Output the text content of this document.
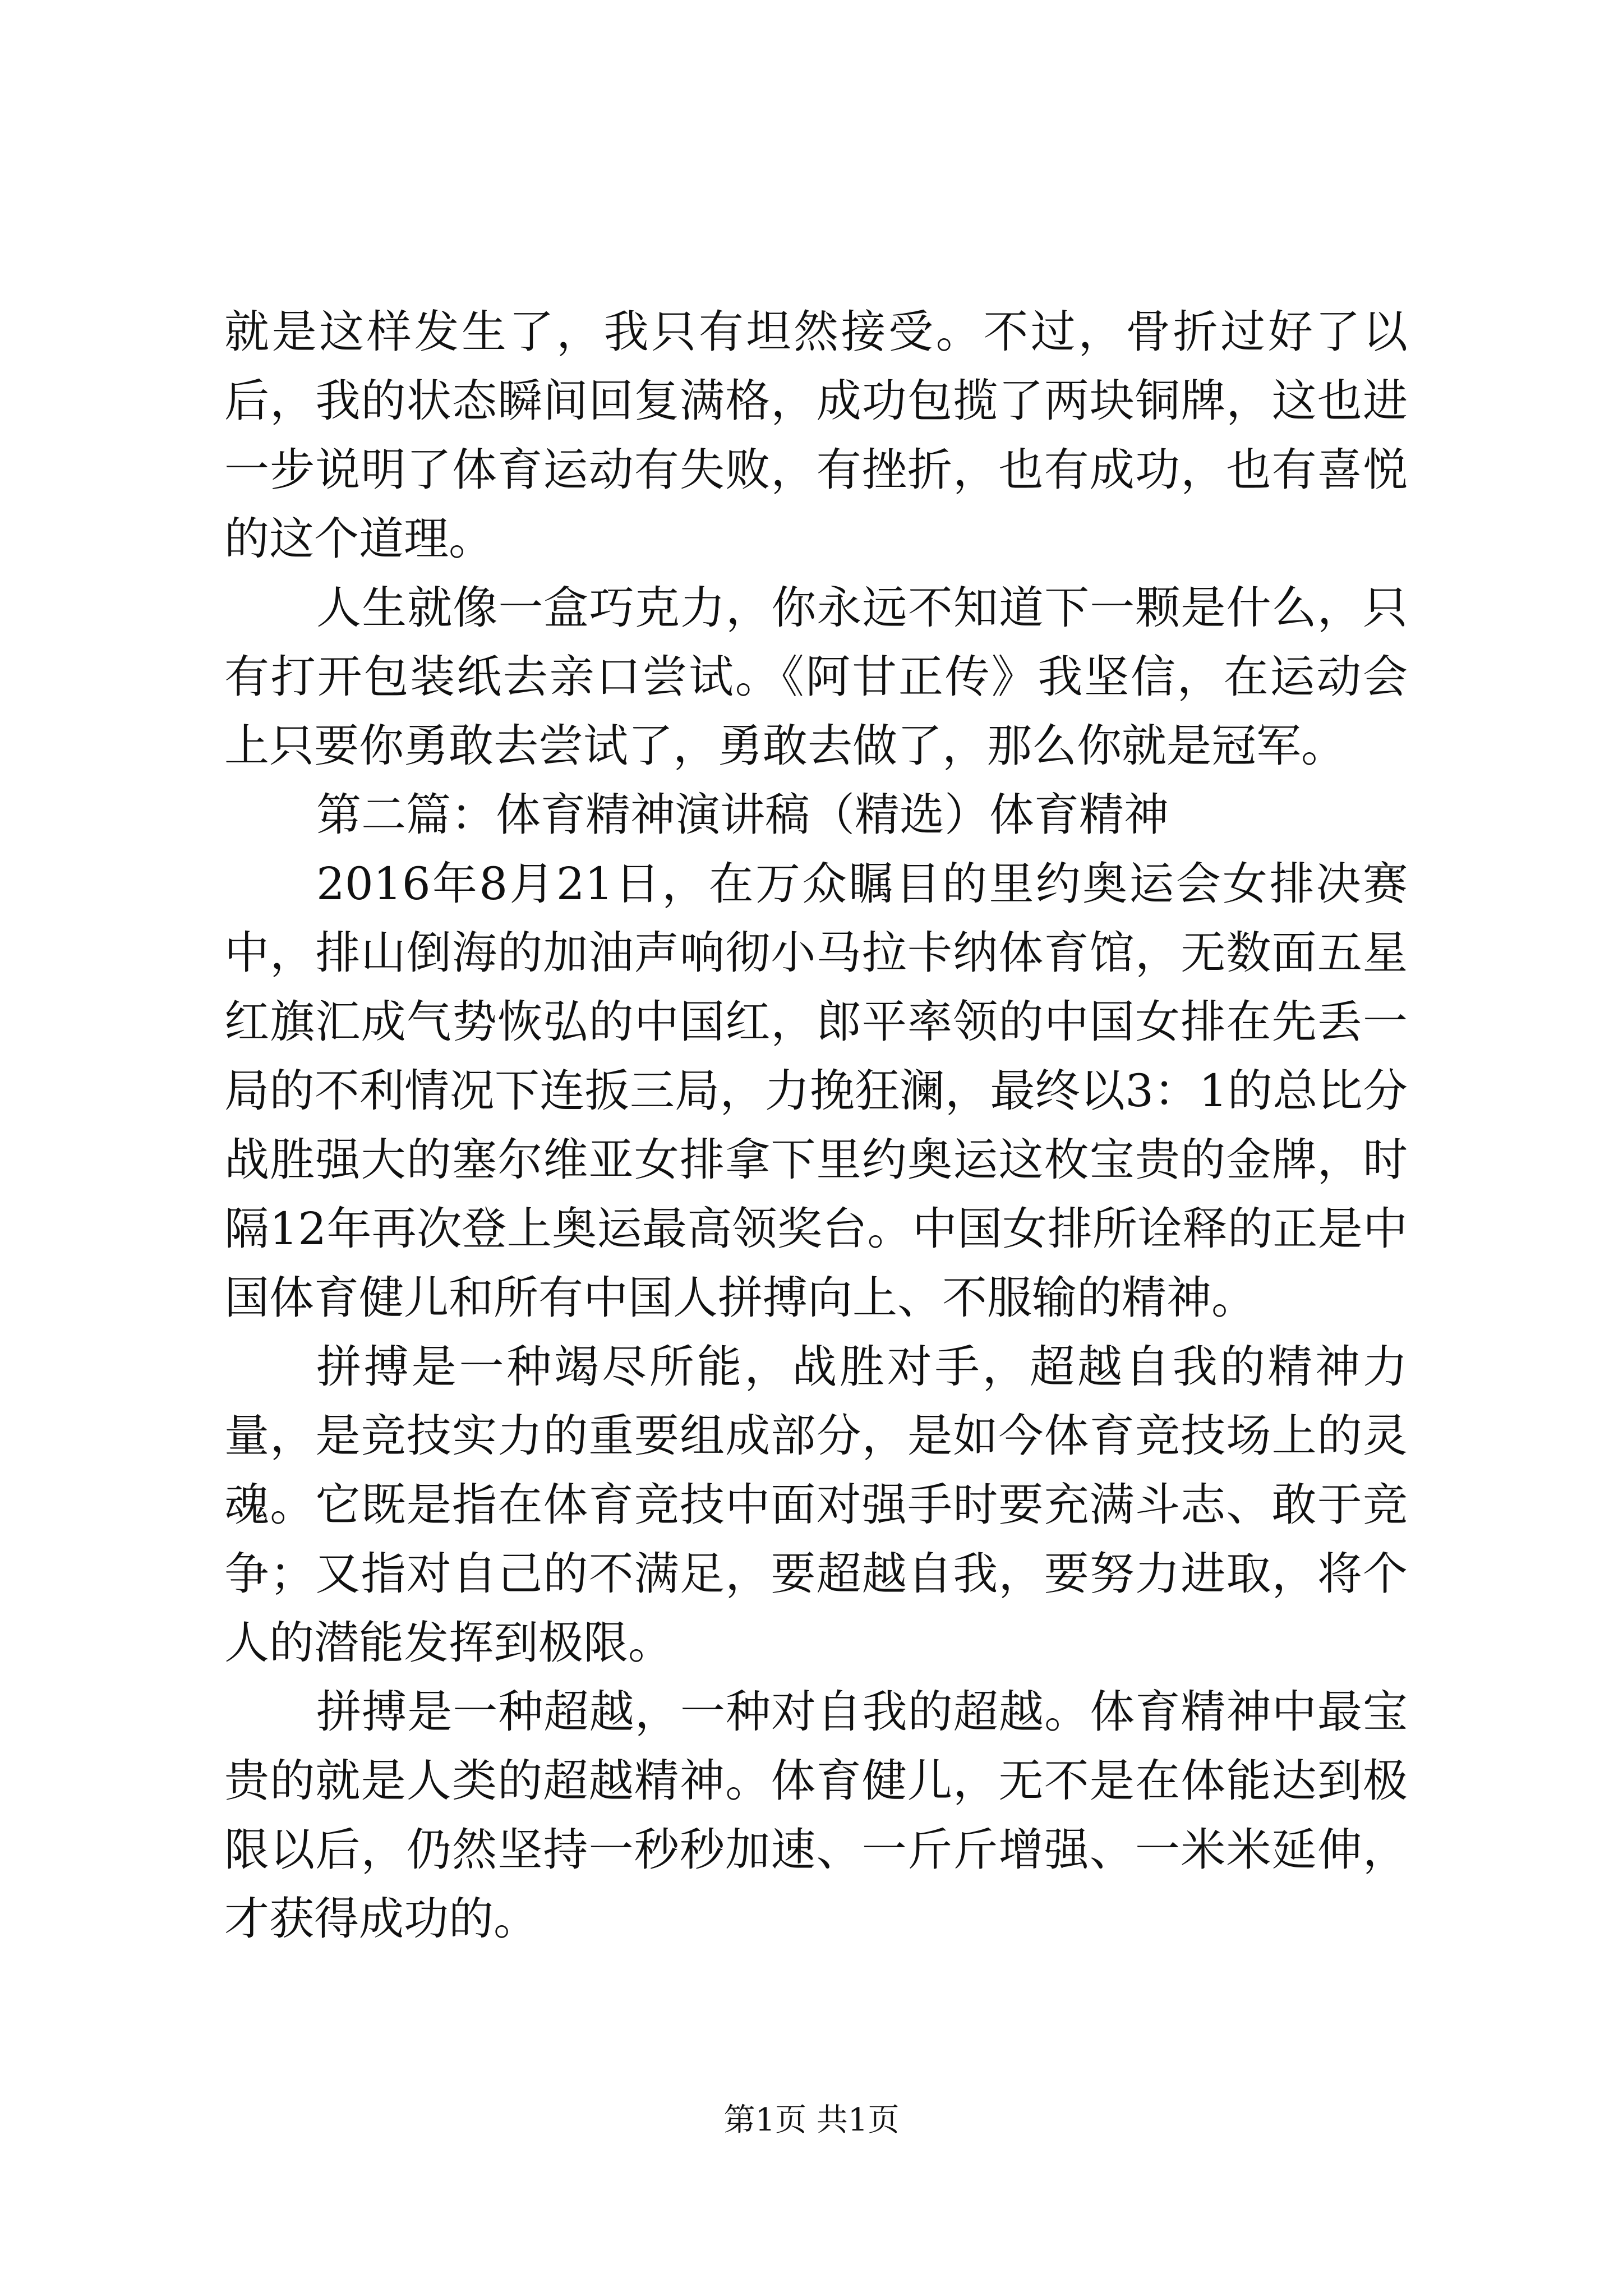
就是这样发生了，我只有坦然接受。不过，骨折过好了以后，我的状态瞬间回复满格，成功包揽了两块铜牌，这也进一步说明了体育运动有失败，有挫折，也有成功，也有喜悦的这个道理。

人生就像一盒巧克力，你永远不知道下一颗是什么，只有打开包装纸去亲口尝试。《阿甘正传》我坚信，在运动会上只要你勇敢去尝试了，勇敢去做了，那么你就是冠军。

第二篇：体育精神演讲稿（精选）体育精神

2016年8月21日，在万众瞩目的里约奥运会女排决赛中，排山倒海的加油声响彻小马拉卡纳体育馆，无数面五星红旗汇成气势恢弘的中国红，郎平率领的中国女排在先丢一局的不利情况下连扳三局，力挽狂澜，最终以3：1的总比分战胜强大的塞尔维亚女排拿下里约奥运这枚宝贵的金牌，时隔12年再次登上奥运最高领奖台。中国女排所诠释的正是中国体育健儿和所有中国人拼搏向上、不服输的精神。

拼搏是一种竭尽所能，战胜对手，超越自我的精神力量，是竞技实力的重要组成部分，是如今体育竞技场上的灵魂。它既是指在体育竞技中面对强手时要充满斗志、敢于竞争；又指对自己的不满足，要超越自我，要努力进取，将个人的潜能发挥到极限。

拼搏是一种超越，一种对自我的超越。体育精神中最宝贵的就是人类的超越精神。体育健儿，无不是在体能达到极限以后，仍然坚持一秒秒加速、一斤斤增强、一米米延伸，才获得成功的。

第1页 共1页
